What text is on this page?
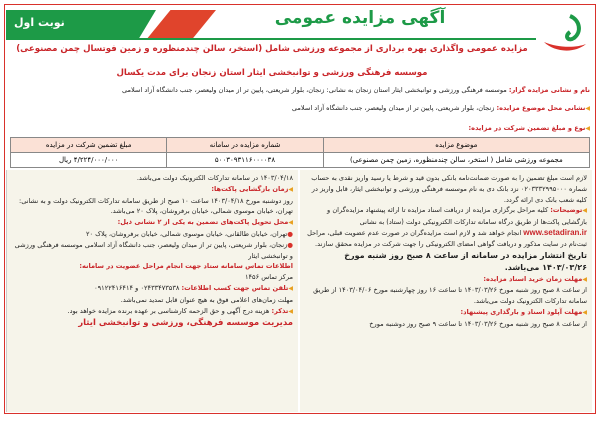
نوبت اول	آگهی مزایده عمومی
مزایده عمومی واگذاری بهره برداری از مجموعه ورزشی شامل (استخر، سالن چندمنظوره و زمین فوتسال چمن مصنوعی)
موسسه فرهنگی ورزشی و توانبخشی ایثار استان زنجان برای مدت یکسال
نام و نشانی مزایده گزار: موسسه فرهنگی ورزشی و توانبخشی ایثار استان زنجان به نشانی: زنجان، بلوار شریعتی، پایین تر از میدان ولیعصر، جنب دانشگاه آزاد اسلامی
◀نشانی محل موضوع مزایده: زنجان، بلوار شریعتی، پایین تر از میدان ولیعصر، جنب دانشگاه آزاد اسلامی
◀نوع و مبلغ تضمین شرکت در مزایده:
موضوع مزایده	شماره مزایده در سامانه	مبلغ تضمین شرکت در مزایده
مجموعه ورزشی شامل ( استخر، سالن چندمنظوره، زمین چمن مصنوعی)	۵۰۰۳۰۹۳۱۱۶۰۰۰۰۳۸	۴/۲۲۴/۰۰۰/۰۰۰ ریال
لازم است مبلغ تضمین را به صورت ضمانت‌نامه بانکی بدون قید و شرط یا رسید واریز نقدی به حساب شماره ۰۲۰۳۳۳۲۹۹۵۰۰۰ نزد بانک دی به نام موسسه فرهنگی ورزشی و توانبخشی ایثار، قابل واریز در کلیه شعب بانک دی ارائه گردد.
◀توضیحات: کلیه مراحل برگزاری مزایده از دریافت اسناد مزایده تا ارائه پیشنهاد مزایده‌گران و بازگشایی پاکت‌ها از طریق درگاه سامانه تدارکات الکترونیکی دولت (ستاد) به نشانی www.setadiran.ir انجام خواهد شد و لازم است مزایده‌گران در صورت عدم عضویت قبلی، مراحل ثبت‌نام در سایت مذکور و دریافت گواهی امضای الکترونیکی را جهت شرکت در مزایده محقق سازند.
تاریخ انتشار مزایده در سامانه از ساعت ۸ صبح روز شنبه مورخ ۱۴۰۳/۰۳/۲۶ می‌باشد.
◀مهلت زمان خرید اسناد مزایده:
از ساعت ۸ صبح روز شنبه مورخ ۱۴۰۳/۰۳/۲۶ تا ساعت ۱۶ روز چهارشنبه مورخ ۱۴۰۳/۰۴/۰۶ از طریق سامانه تدارکات الکترونیک دولت می‌باشد.
◀مهلت آپلود اسناد و بارگذاری پیشنهاد:
از ساعت ۸ صبح روز شنبه مورخ ۱۴۰۳/۰۳/۲۶ تا ساعت ۹ صبح روز دوشنبه مورخ
۱۴۰۳/۰۴/۱۸ در سامانه تدارکات الکترونیک دولت می‌باشد.
◀زمان بازگشایی پاکت‌ها:
روز دوشنبه مورخ ۱۴۰۳/۰۴/۱۸ ساعت ۱۰ صبح از طریق سامانه تدارکات الکترونیک دولت و به نشانی: تهران، خیابان موسوی شمالی، خیابان برفروشان، پلاک ۲۰ می‌باشد.
◀محل تحویل پاکت‌های تضمین به یکی از ۲ نشانی ذیل:
●تهران، خیابان طالقانی، خیابان موسوی شمالی، خیابان برفروشان، پلاک ۲۰
●زنجان، بلوار شریعتی، پایین تر از میدان ولیعصر، جنب دانشگاه آزاد اسلامی موسسه فرهنگی ورزشی و توانبخشی ایثار
اطلاعات تماس سامانه ستاد جهت انجام مراحل عضویت در سامانه:
مرکز تماس ۱۴۵۶
◀تلفن تماس جهت کسب اطلاعات: ۰۲۴۳۳۴۷۳۵۳۸ و ۰۹۱۲۲۴۱۶۴۱۴
مهلت زمان‌های اعلامی فوق به هیچ عنوان قابل تمدید نمی‌باشد.
◀تذکر: هزینه درج آگهی و حق الزحمه کارشناسی بر عهده برنده مزایده خواهد بود.
مدیریت موسسه فرهنگی، ورزشی و توانبخشی ایثار
